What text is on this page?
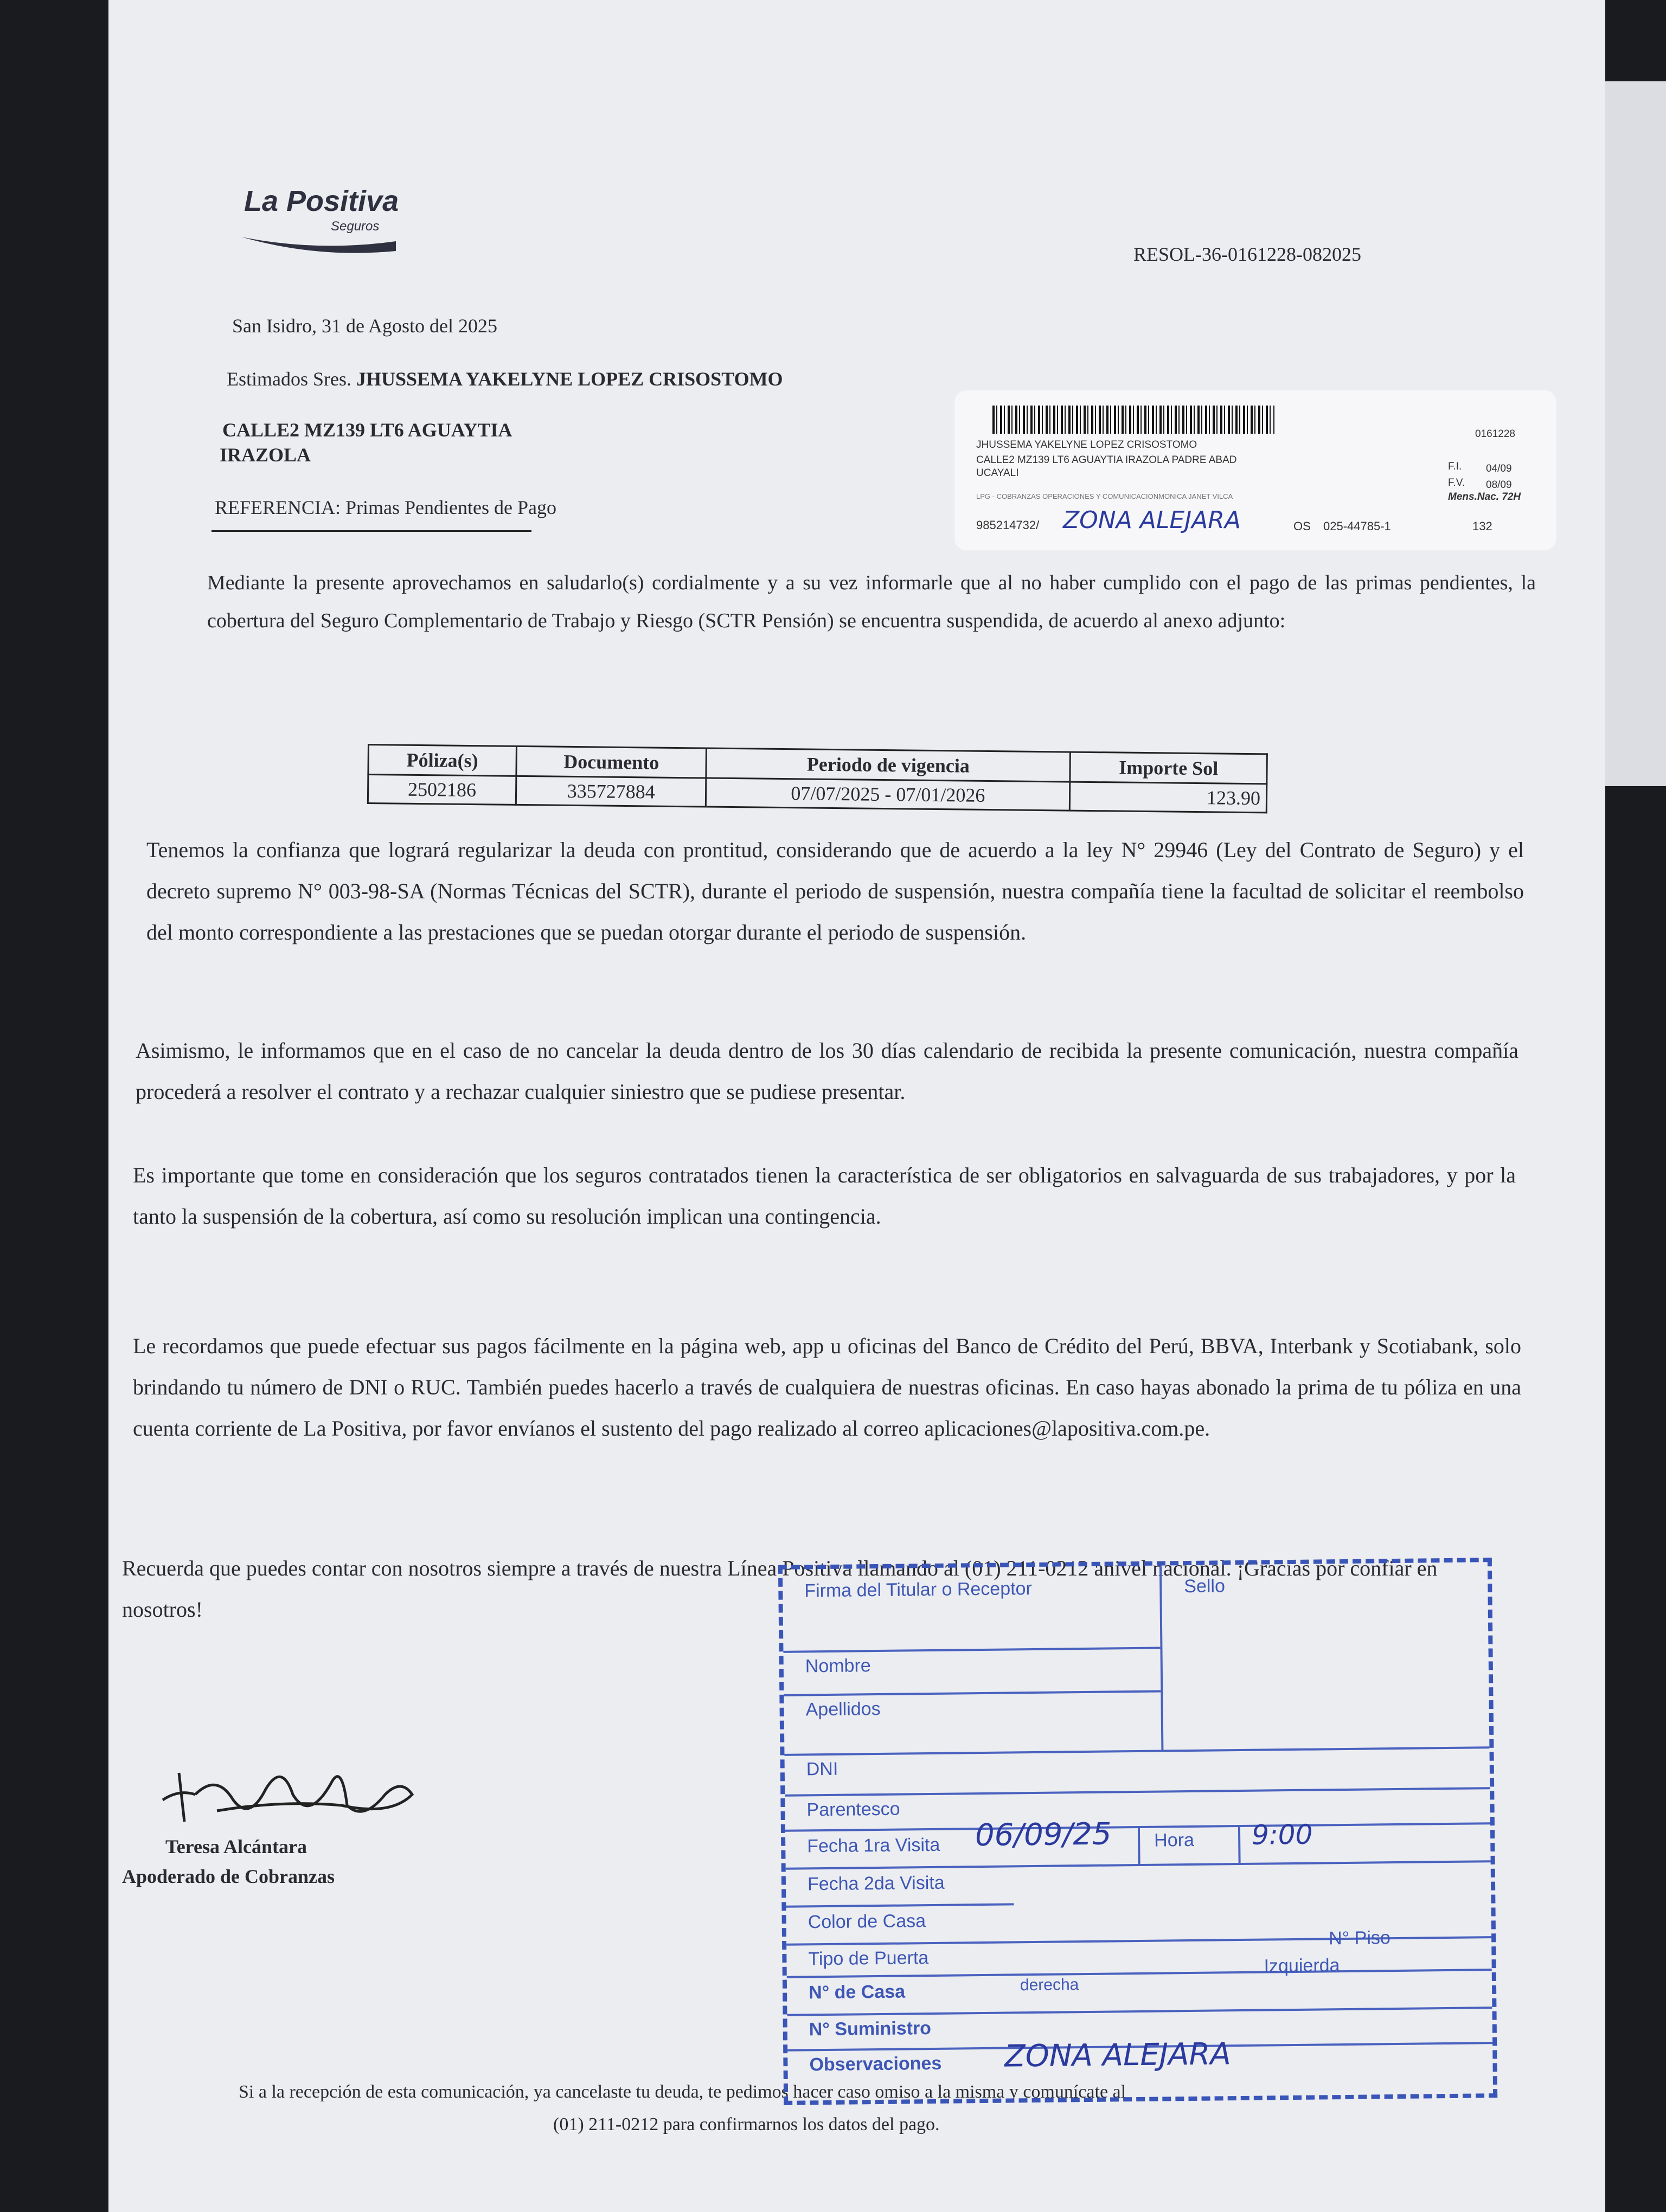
La Positiva
Seguros
RESOL-36-0161228-082025
San Isidro, 31 de Agosto del 2025
Estimados Sres. JHUSSEMA YAKELYNE LOPEZ CRISOSTOMO
CALLE2 MZ139 LT6 AGUAYTIA
IRAZOLA
REFERENCIA: Primas Pendientes de Pago
JHUSSEMA YAKELYNE LOPEZ CRISOSTOMO
0161228
CALLE2 MZ139 LT6 AGUAYTIA IRAZOLA PADRE ABAD
UCAYALI
F.I. 04/09
F.V. 08/09
Mens.Nac. 72H
LPG - COBRANZAS OPERACIONES Y COMUNICACIONMONICA JANET VILCA
985214732/ ZONA ALEJARA	OS 025-44785-1	132
Mediante la presente aprovechamos en saludarlo(s) cordialmente y a su vez informarle que al no haber cumplido con el pago de las primas pendientes, la cobertura del Seguro Complementario de Trabajo y Riesgo (SCTR Pensión) se encuentra suspendida, de acuerdo al anexo adjunto:
Póliza(s)	Documento	Periodo de vigencia	Importe Sol
2502186	335727884	07/07/2025 - 07/01/2026	123.90
Tenemos la confianza que logrará regularizar la deuda con prontitud, considerando que de acuerdo a la ley N° 29946 (Ley del Contrato de Seguro) y el decreto supremo N° 003-98-SA (Normas Técnicas del SCTR), durante el periodo de suspensión, nuestra compañía tiene la facultad de solicitar el reembolso del monto correspondiente a las prestaciones que se puedan otorgar durante el periodo de suspensión.
Asimismo, le informamos que en el caso de no cancelar la deuda dentro de los 30 días calendario de recibida la presente comunicación, nuestra compañía procederá a resolver el contrato y a rechazar cualquier siniestro que se pudiese presentar.
Es importante que tome en consideración que los seguros contratados tienen la característica de ser obligatorios en salvaguarda de sus trabajadores, y por la tanto la suspensión de la cobertura, así como su resolución implican una contingencia.
Le recordamos que puede efectuar sus pagos fácilmente en la página web, app u oficinas del Banco de Crédito del Perú, BBVA, Interbank y Scotiabank, solo brindando tu número de DNI o RUC. También puedes hacerlo a través de cualquiera de nuestras oficinas. En caso hayas abonado la prima de tu póliza en una cuenta corriente de La Positiva, por favor envíanos el sustento del pago realizado al correo aplicaciones@lapositiva.com.pe.
Recuerda que puedes contar con nosotros siempre a través de nuestra Línea Positiva llamando al (01) 211-0212 anivel nacional. ¡Gracias por confiar en nosotros!
Teresa Alcántara
Apoderado de Cobranzas
Si a la recepción de esta comunicación, ya cancelaste tu deuda, te pedimos hacer caso omiso a la misma y comunícate al
(01) 211-0212 para confirmarnos los datos del pago.
Firma del Titular o Receptor	Sello
Nombre
Apellidos
DNI
Parentesco
Fecha 1ra Visita 06/09/25 Hora 9:00
Fecha 2da Visita
Color de Casa
Tipo de Puerta
N° Piso
N° de Casa	derecha
Izquierda
N° Suministro
Observaciones ZONA ALEJARA
